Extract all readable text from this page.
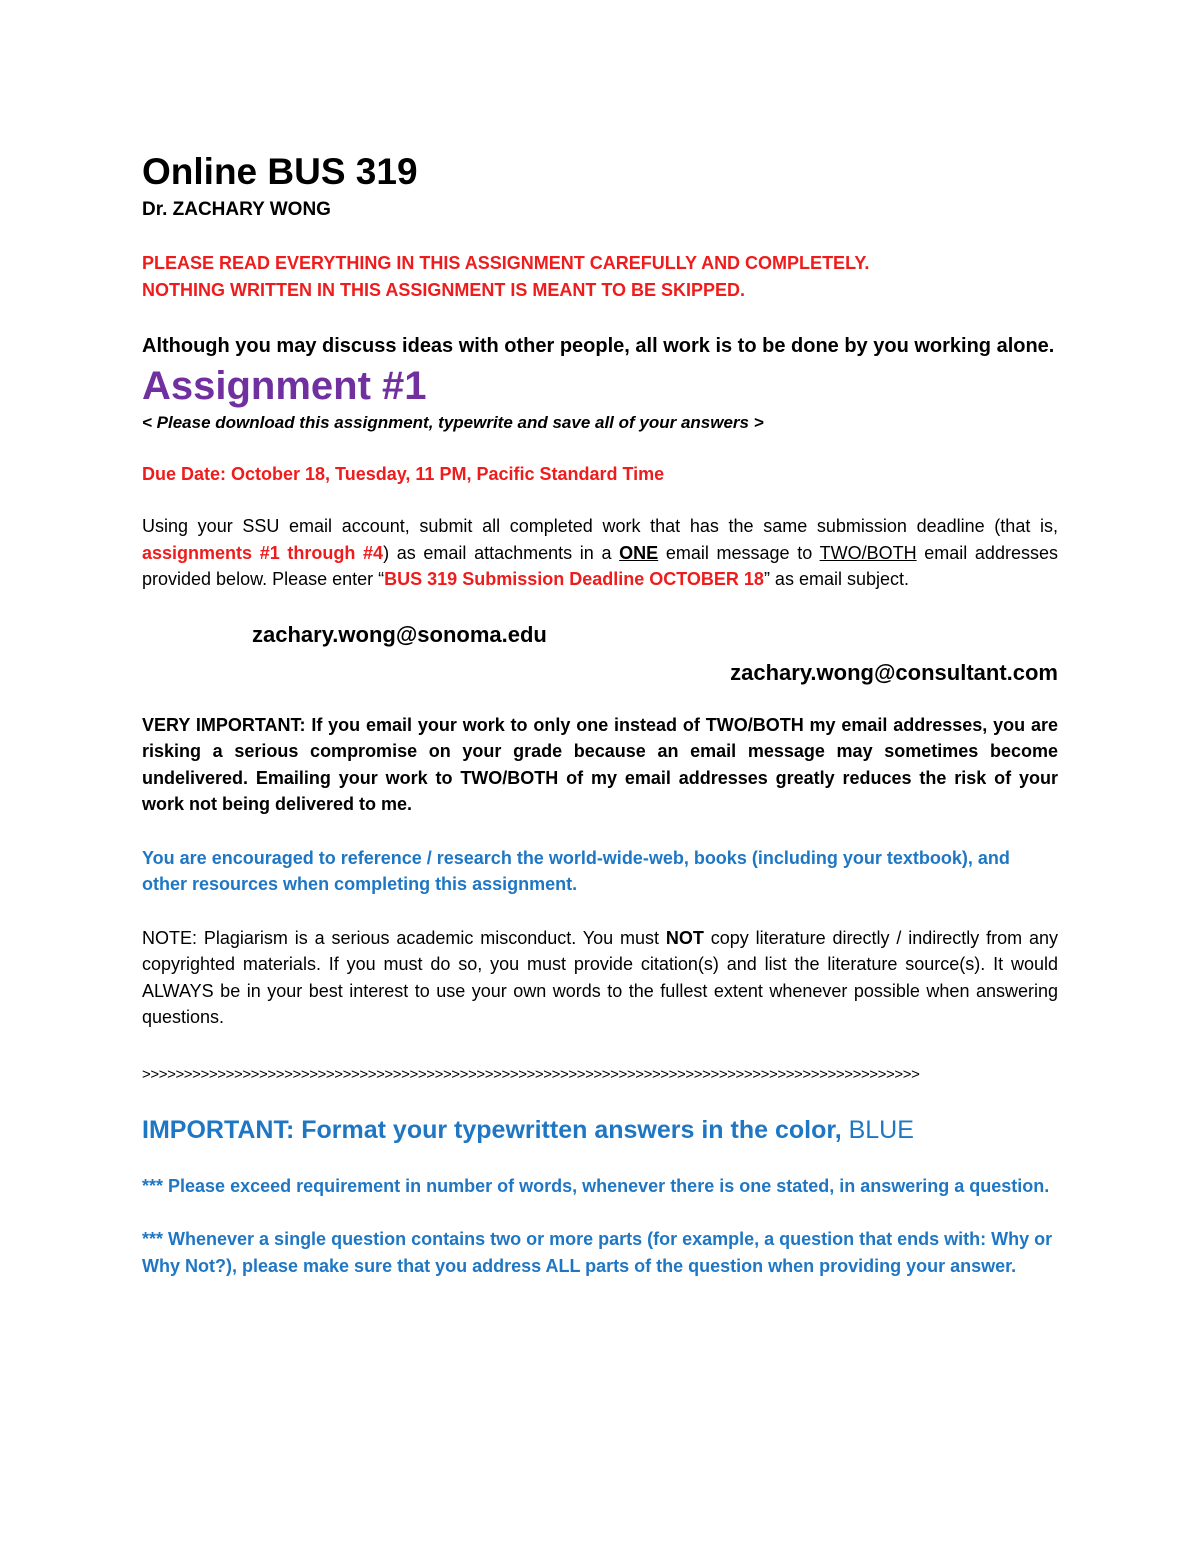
Online BUS 319
Dr. ZACHARY WONG
PLEASE READ EVERYTHING IN THIS ASSIGNMENT CAREFULLY AND COMPLETELY.
NOTHING WRITTEN IN THIS ASSIGNMENT IS MEANT TO BE SKIPPED.
Although you may discuss ideas with other people, all work is to be done by you working alone.
Assignment #1
< Please download this assignment, typewrite and save all of your answers >
Due Date: October 18, Tuesday, 11 PM, Pacific Standard Time

Using your SSU email account, submit all completed work that has the same submission deadline (that is, assignments #1 through #4) as email attachments in a ONE email message to TWO/BOTH email addresses provided below. Please enter “BUS 319 Submission Deadline OCTOBER 18” as email subject.

zachary.wong@sonoma.edu
zachary.wong@consultant.com

VERY IMPORTANT: If you email your work to only one instead of TWO/BOTH my email addresses, you are risking a serious compromise on your grade because an email message may sometimes become undelivered. Emailing your work to TWO/BOTH of my email addresses greatly reduces the risk of your work not being delivered to me.

You are encouraged to reference / research the world-wide-web, books (including your textbook), and other resources when completing this assignment.

NOTE: Plagiarism is a serious academic misconduct. You must NOT copy literature directly / indirectly from any copyrighted materials. If you must do so, you must provide citation(s) and list the literature source(s). It would ALWAYS be in your best interest to use your own words to the fullest extent whenever possible when answering questions.

>>>>>>>>>>>>>>>>>>>>>>>>>>>>>>>>>>>>>>>>>>>>>>>>>>>>>>>>>>>>>>>>>>>>>>>>>>>>>>>>>>>>>>>>>>>>>
IMPORTANT: Format your typewritten answers in the color, BLUE

*** Please exceed requirement in number of words, whenever there is one stated, in answering a question.

*** Whenever a single question contains two or more parts (for example, a question that ends with: Why or Why Not?), please make sure that you address ALL parts of the question when providing your answer.
